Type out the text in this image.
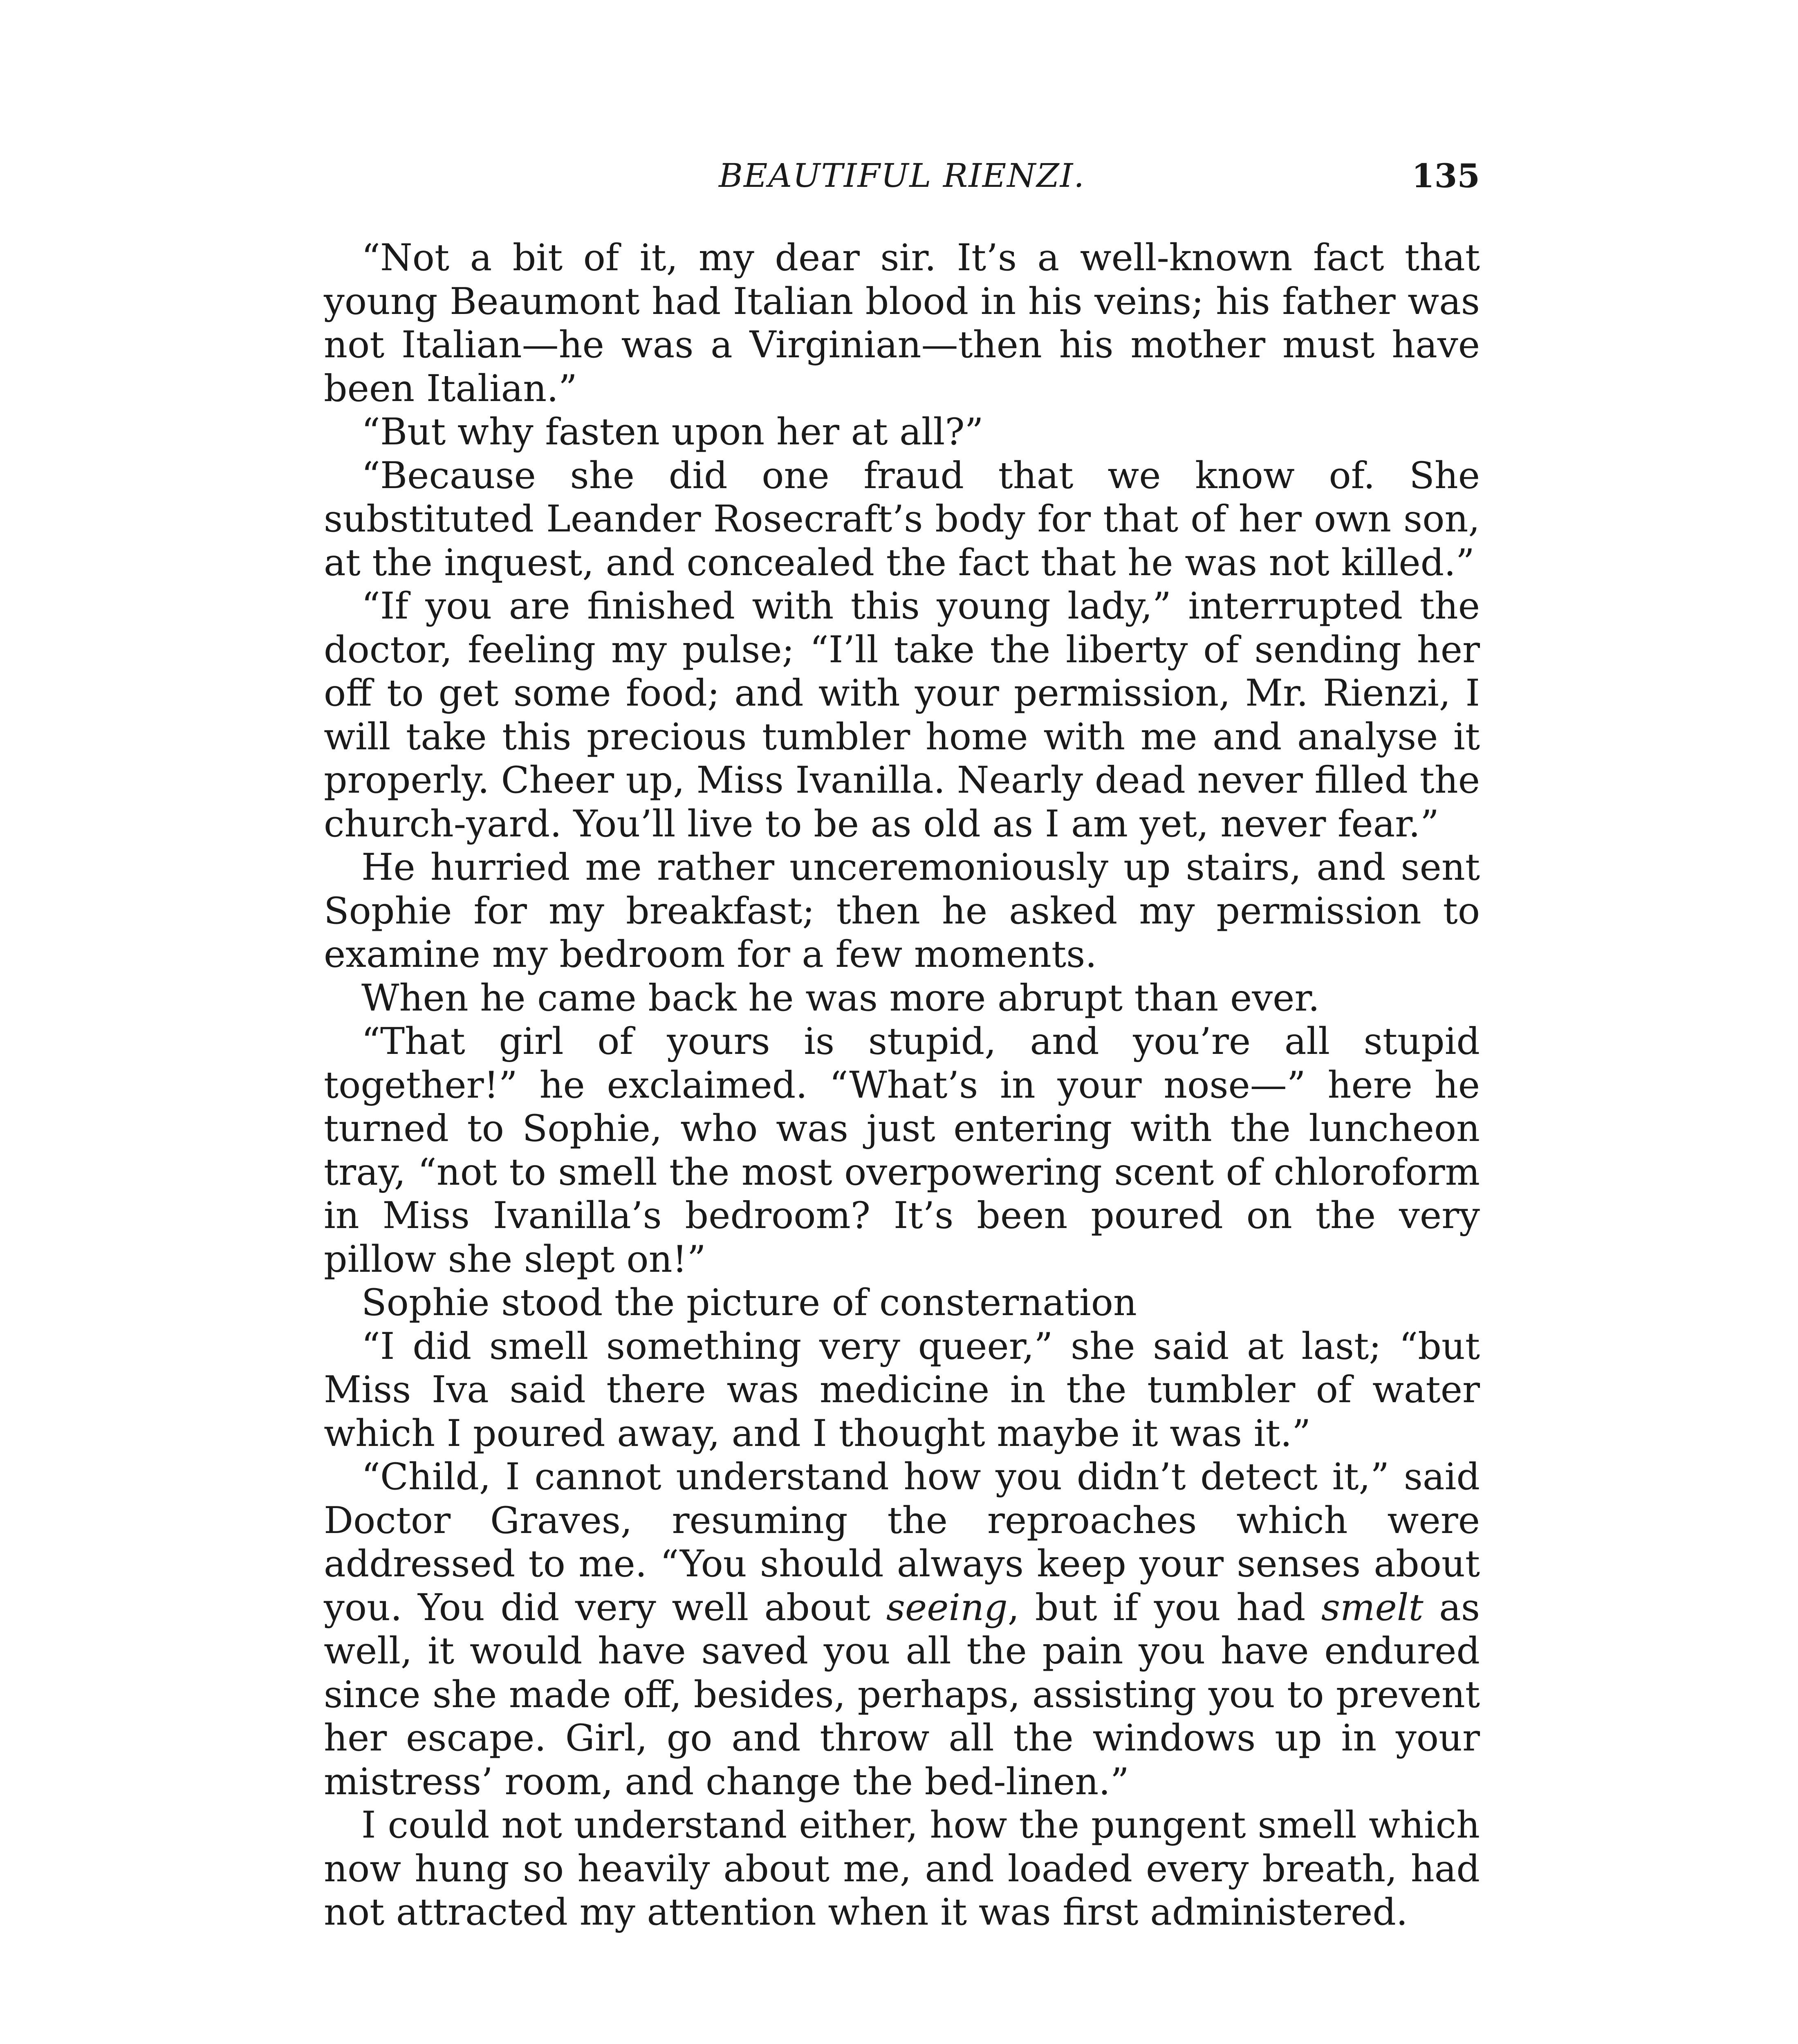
BEAUTIFUL RIENZI.	135

“Not a bit of it, my dear sir. It’s a well-known fact that young Beaumont had Italian blood in his veins; his father was not Italian—he was a Virginian—then his mother must have been Italian.”

“But why fasten upon her at all?”

“Because she did one fraud that we know of. She substituted Leander Rosecraft’s body for that of her own son, at the inquest, and concealed the fact that he was not killed.”

“If you are finished with this young lady,” interrupted the doctor, feeling my pulse; “I’ll take the liberty of sending her off to get some food; and with your permission, Mr. Rienzi, I will take this precious tumbler home with me and analyse it properly. Cheer up, Miss Ivanilla. Nearly dead never filled the church-yard. You’ll live to be as old as I am yet, never fear.”

He hurried me rather unceremoniously up stairs, and sent Sophie for my breakfast; then he asked my permission to examine my bedroom for a few moments.

When he came back he was more abrupt than ever.

“That girl of yours is stupid, and you’re all stupid together!” he exclaimed. “What’s in your nose—” here he turned to Sophie, who was just entering with the luncheon tray, “not to smell the most overpowering scent of chloroform in Miss Ivanilla’s bedroom? It’s been poured on the very pillow she slept on!”

Sophie stood the picture of consternation

“I did smell something very queer,” she said at last; “but Miss Iva said there was medicine in the tumbler of water which I poured away, and I thought maybe it was it.”

“Child, I cannot understand how you didn’t detect it,” said Doctor Graves, resuming the reproaches which were addressed to me. “You should always keep your senses about you. You did very well about seeing, but if you had smelt as well, it would have saved you all the pain you have endured since she made off, besides, perhaps, assisting you to prevent her escape. Girl, go and throw all the windows up in your mistress’ room, and change the bed-linen.”

I could not understand either, how the pungent smell which now hung so heavily about me, and loaded every breath, had not attracted my attention when it was first administered.
